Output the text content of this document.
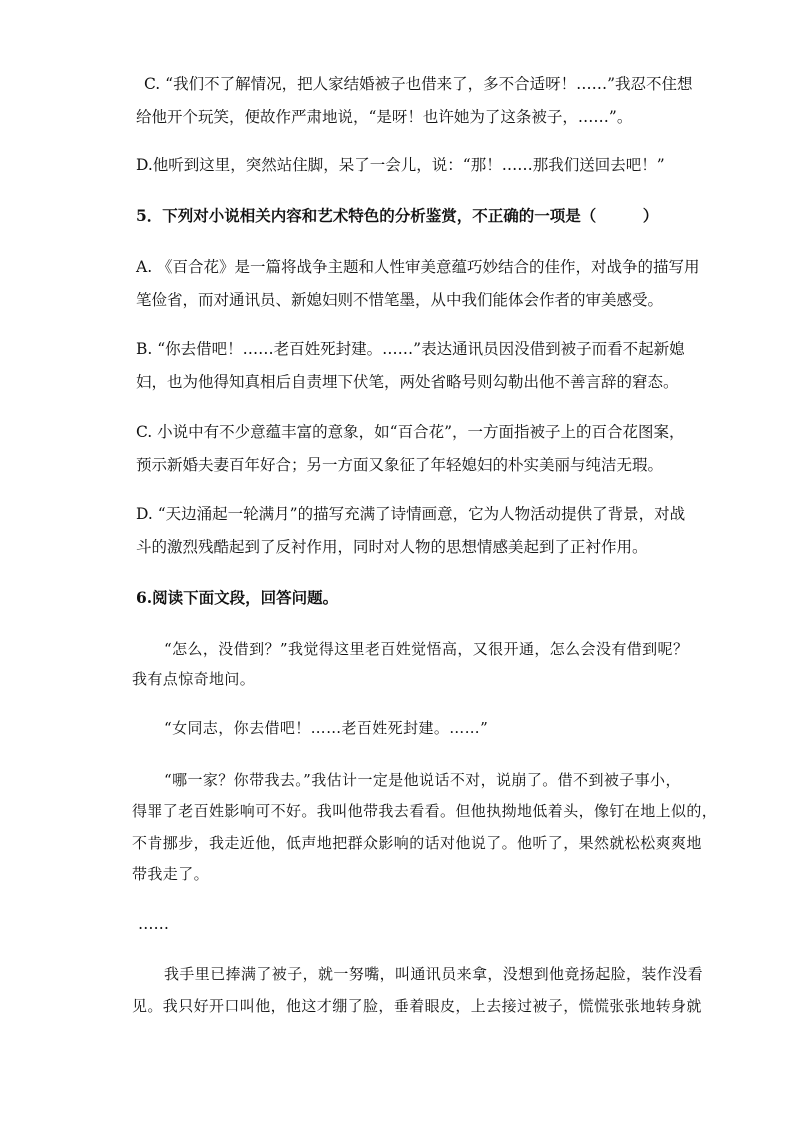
C. “我们不了解情况，把人家结婚被子也借来了，多不合适呀！……”我忍不住想
给他开个玩笑，便故作严肃地说，“是呀！也许她为了这条被子，……”。
D.他听到这里，突然站住脚，呆了一会儿，说：“那！……那我们送回去吧！”
5．下列对小说相关内容和艺术特色的分析鉴赏，不正确的一项是（　　　）
A. 《百合花》是一篇将战争主题和人性审美意蕴巧妙结合的佳作，对战争的描写用
笔俭省，而对通讯员、新媳妇则不惜笔墨，从中我们能体会作者的审美感受。
B. “你去借吧！……老百姓死封建。……”表达通讯员因没借到被子而看不起新媳
妇，也为他得知真相后自责埋下伏笔，两处省略号则勾勒出他不善言辞的窘态。
C. 小说中有不少意蕴丰富的意象，如“百合花”，一方面指被子上的百合花图案，
预示新婚夫妻百年好合；另一方面又象征了年轻媳妇的朴实美丽与纯洁无瑕。
D. “天边涌起一轮满月”的描写充满了诗情画意，它为人物活动提供了背景，对战
斗的激烈残酷起到了反衬作用，同时对人物的思想情感美起到了正衬作用。
6.阅读下面文段，回答问题。
“怎么，没借到？”我觉得这里老百姓觉悟高，又很开通，怎么会没有借到呢？
我有点惊奇地问。
“女同志，你去借吧！……老百姓死封建。……”
“哪一家？你带我去。”我估计一定是他说话不对，说崩了。借不到被子事小，
得罪了老百姓影响可不好。我叫他带我去看看。但他执拗地低着头，像钉在地上似的，
不肯挪步，我走近他，低声地把群众影响的话对他说了。他听了，果然就松松爽爽地
带我走了。
……
我手里已捧满了被子，就一努嘴，叫通讯员来拿，没想到他竟扬起脸，装作没看
见。我只好开口叫他，他这才绷了脸，垂着眼皮，上去接过被子，慌慌张张地转身就
